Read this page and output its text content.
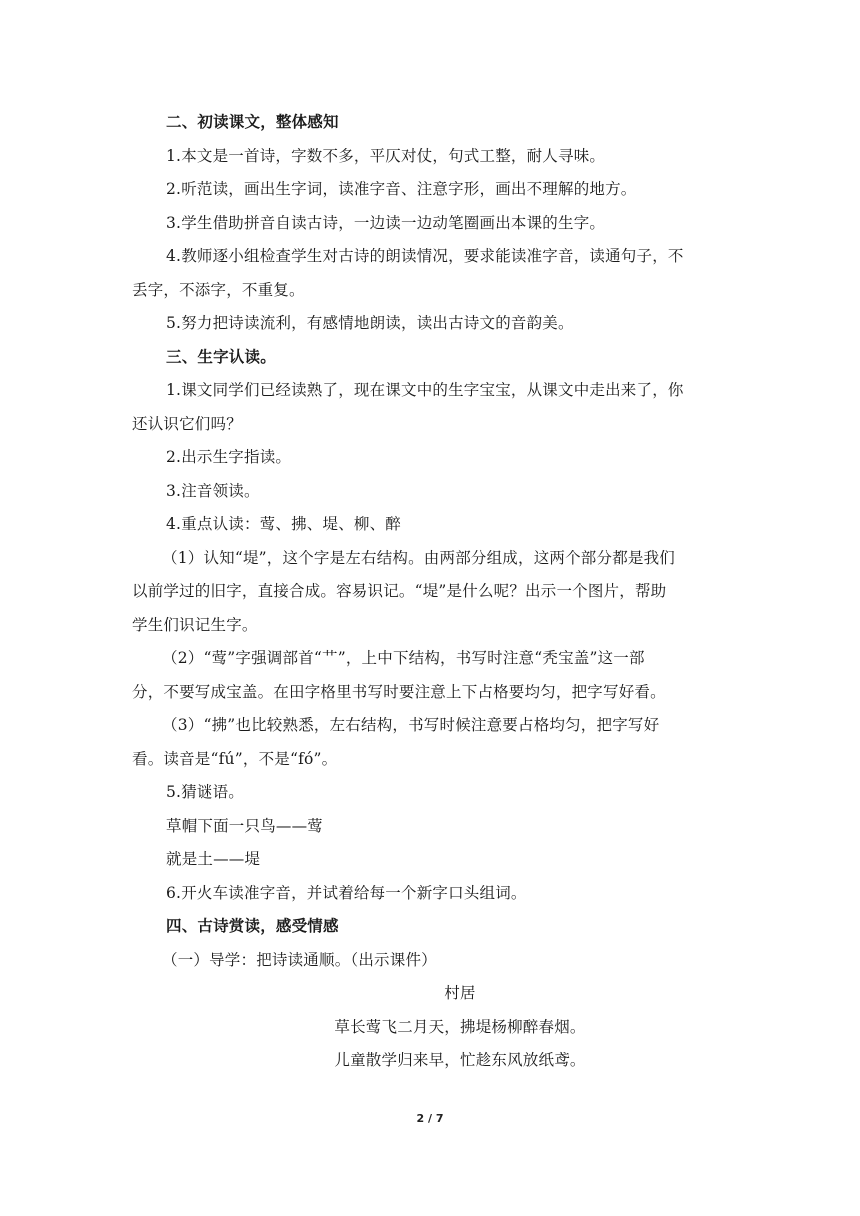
二、初读课文，整体感知
1.本文是一首诗，字数不多，平仄对仗，句式工整，耐人寻味。
2.听范读，画出生字词，读准字音、注意字形，画出不理解的地方。
3.学生借助拼音自读古诗，一边读一边动笔圈画出本课的生字。
4.教师逐小组检查学生对古诗的朗读情况，要求能读准字音，读通句子，不
丢字，不添字，不重复。
5.努力把诗读流利，有感情地朗读，读出古诗文的音韵美。
三、生字认读。
1.课文同学们已经读熟了，现在课文中的生字宝宝，从课文中走出来了，你
还认识它们吗？
2.出示生字指读。
3.注音领读。
4.重点认读：莺、拂、堤、柳、醉
（1）认知“堤”，这个字是左右结构。由两部分组成，这两个部分都是我们
以前学过的旧字，直接合成。容易识记。“堤”是什么呢？出示一个图片，帮助
学生们识记生字。
（2）“莺”字强调部首“艹”，上中下结构，书写时注意“秃宝盖”这一部
分，不要写成宝盖。在田字格里书写时要注意上下占格要均匀，把字写好看。
（3）“拂”也比较熟悉，左右结构，书写时候注意要占格均匀，把字写好
看。读音是“fú”，不是“fó”。
5.猜谜语。
草帽下面一只鸟——莺
就是土——堤
6.开火车读准字音，并试着给每一个新字口头组词。
四、古诗赏读，感受情感
（一）导学：把诗读通顺。（出示课件）
村居
草长莺飞二月天，拂堤杨柳醉春烟。
儿童散学归来早，忙趁东风放纸鸢。
2 / 7
